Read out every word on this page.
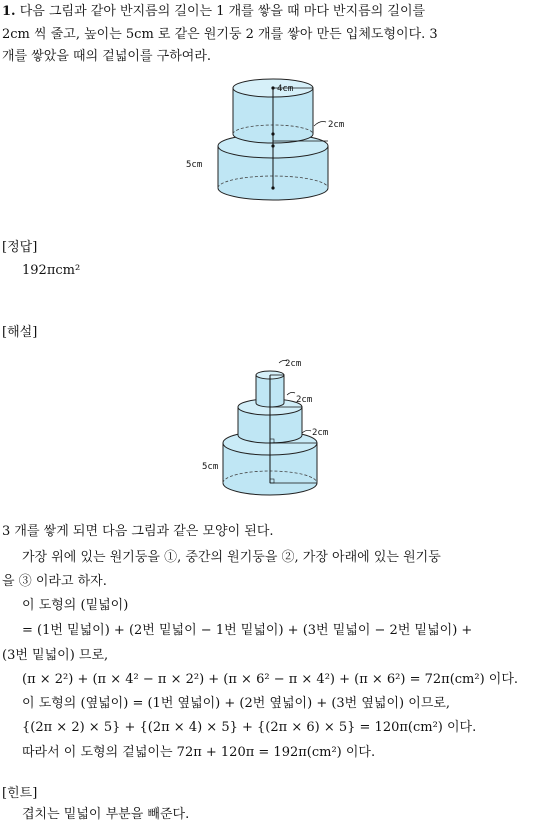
1. 다음 그림과 같아 반지름의 길이는 1 개를 쌓을 때 마다 반지름의 길이를
2cm 씩 줄고, 높이는 5cm 로 같은 원기둥 2 개를 쌓아 만든 입체도형이다. 3
개를 쌓았을 때의 겉넓이를 구하여라.
4cm
2cm
5cm
[정답]
192πcm²
[해설]
2cm
2cm
2cm
5cm
3 개를 쌓게 되면 다음 그림과 같은 모양이 된다.
가장 위에 있는 원기둥을 ①, 중간의 원기둥을 ②, 가장 아래에 있는 원기둥
을 ③ 이라고 하자.
이 도형의 (밑넓이)
= (1번 밑넓이) + (2번 밑넓이 − 1번 밑넓이) + (3번 밑넓이 − 2번 밑넓이) +
(3번 밑넓이) 므로,
(π × 2²) + (π × 4² − π × 2²) + (π × 6² − π × 4²) + (π × 6²) = 72π(cm²) 이다.
이 도형의 (옆넓이) = (1번 옆넓이) + (2번 옆넓이) + (3번 옆넓이) 이므로,
{(2π × 2) × 5} + {(2π × 4) × 5} + {(2π × 6) × 5} = 120π(cm²) 이다.
따라서 이 도형의 겉넓이는 72π + 120π = 192π(cm²) 이다.
[힌트]
겹치는 밑넓이 부분을 빼준다.
